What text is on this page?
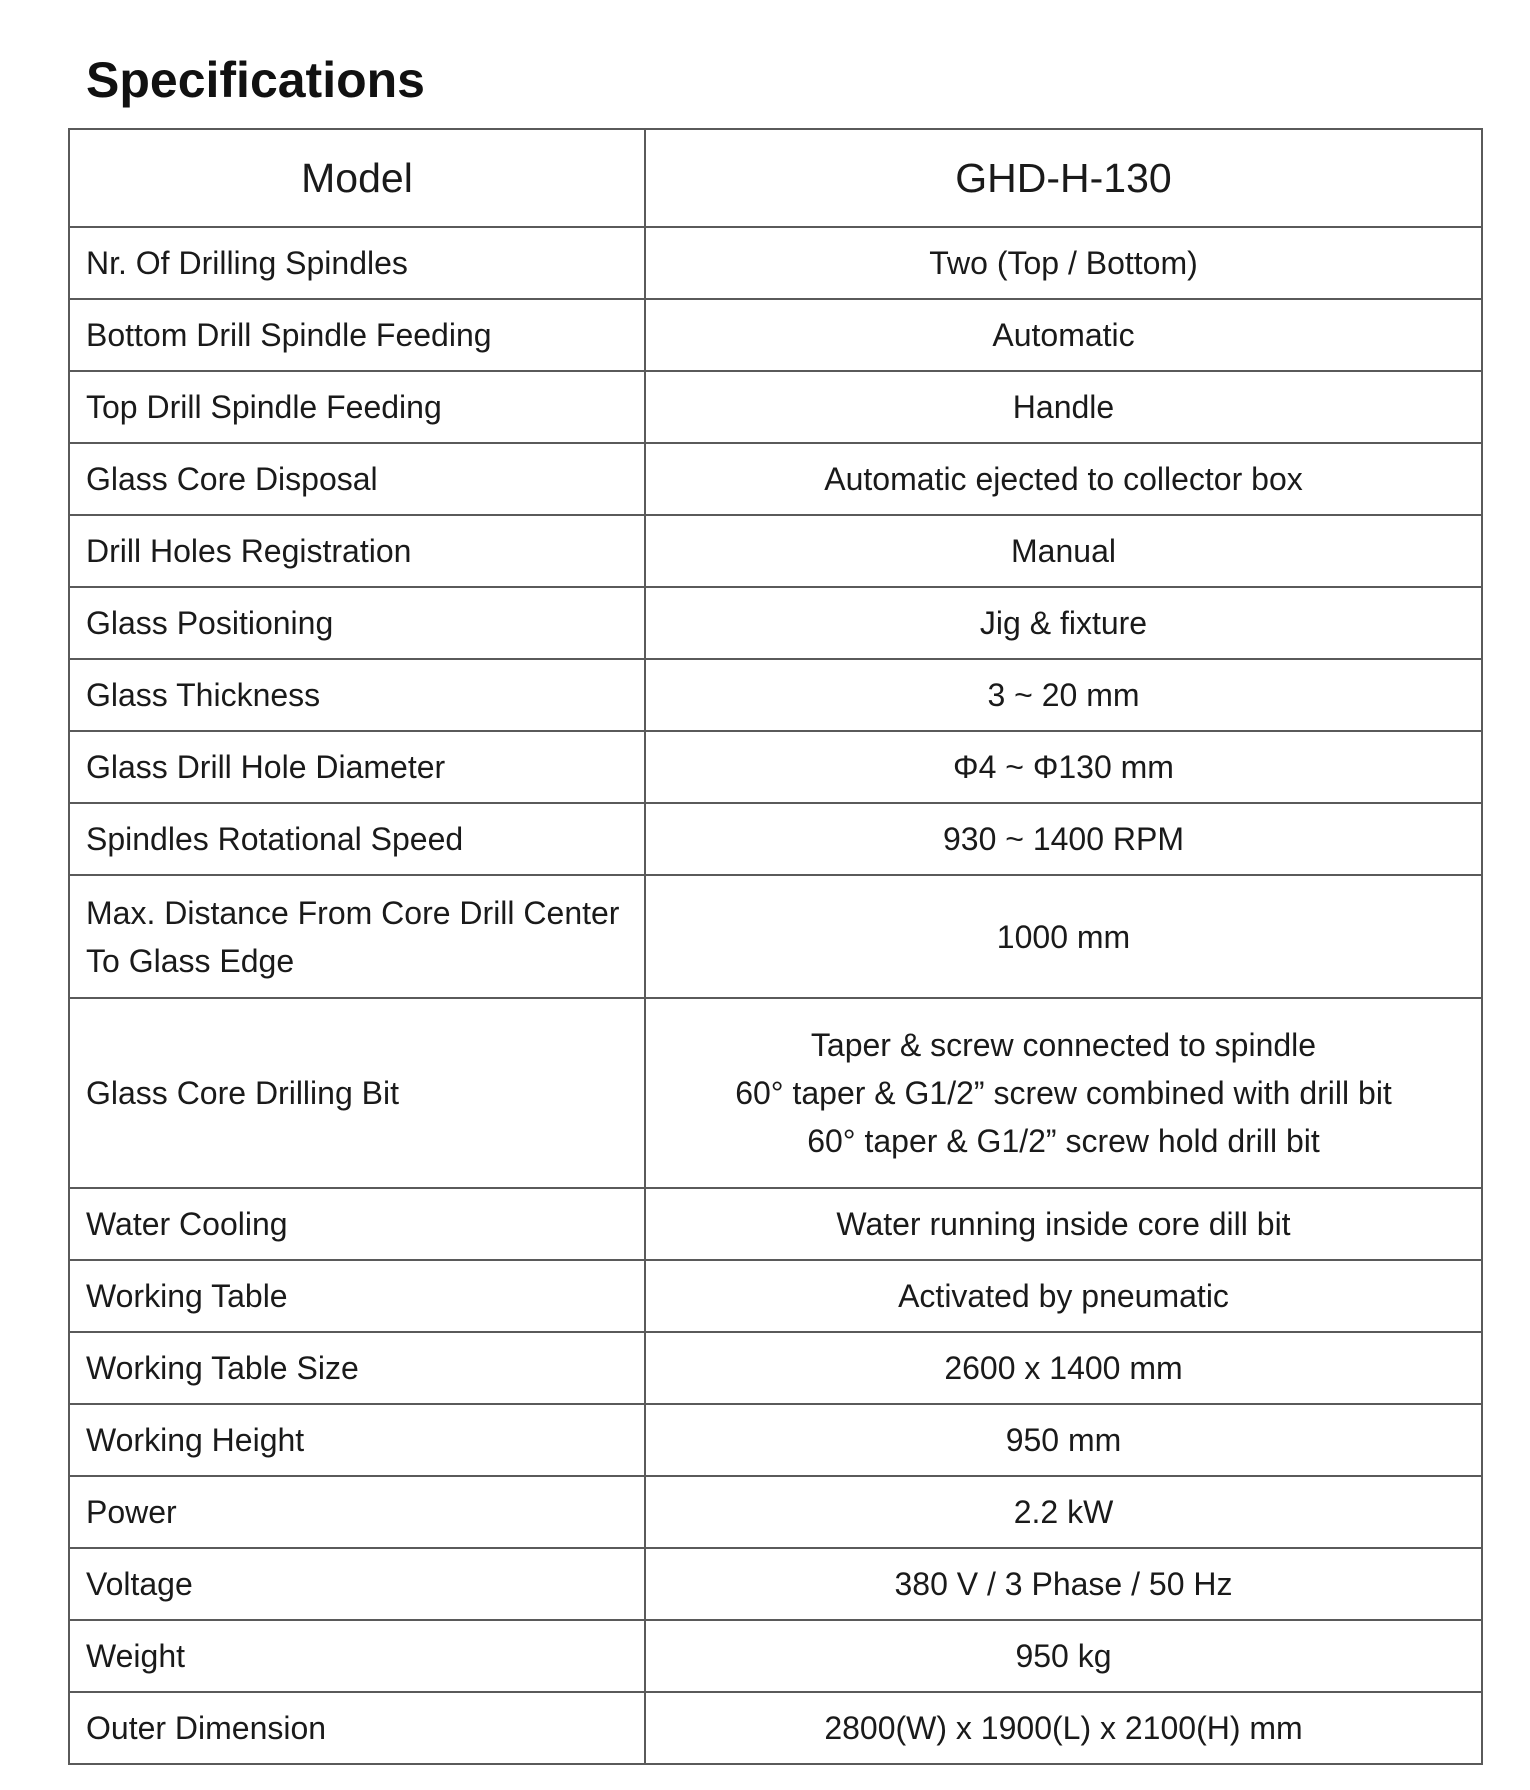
Specifications
Model	GHD-H-130
Nr. Of Drilling Spindles	Two (Top / Bottom)
Bottom Drill Spindle Feeding	Automatic
Top Drill Spindle Feeding	Handle
Glass Core Disposal	Automatic ejected to collector box
Drill Holes Registration	Manual
Glass Positioning	Jig & fixture
Glass Thickness	3 ~ 20 mm
Glass Drill Hole Diameter	Φ4 ~ Φ130 mm
Spindles Rotational Speed	930 ~ 1400 RPM
Max. Distance From Core Drill Center To Glass Edge	1000 mm
Glass Core Drilling Bit	Taper & screw connected to spindle
60° taper & G1/2” screw combined with drill bit
60° taper & G1/2” screw hold drill bit
Water Cooling	Water running inside core dill bit
Working Table	Activated by pneumatic
Working Table Size	2600 x 1400 mm
Working Height	950 mm
Power	2.2 kW
Voltage	380 V / 3 Phase / 50 Hz
Weight	950 kg
Outer Dimension	2800(W) x 1900(L) x 2100(H) mm
